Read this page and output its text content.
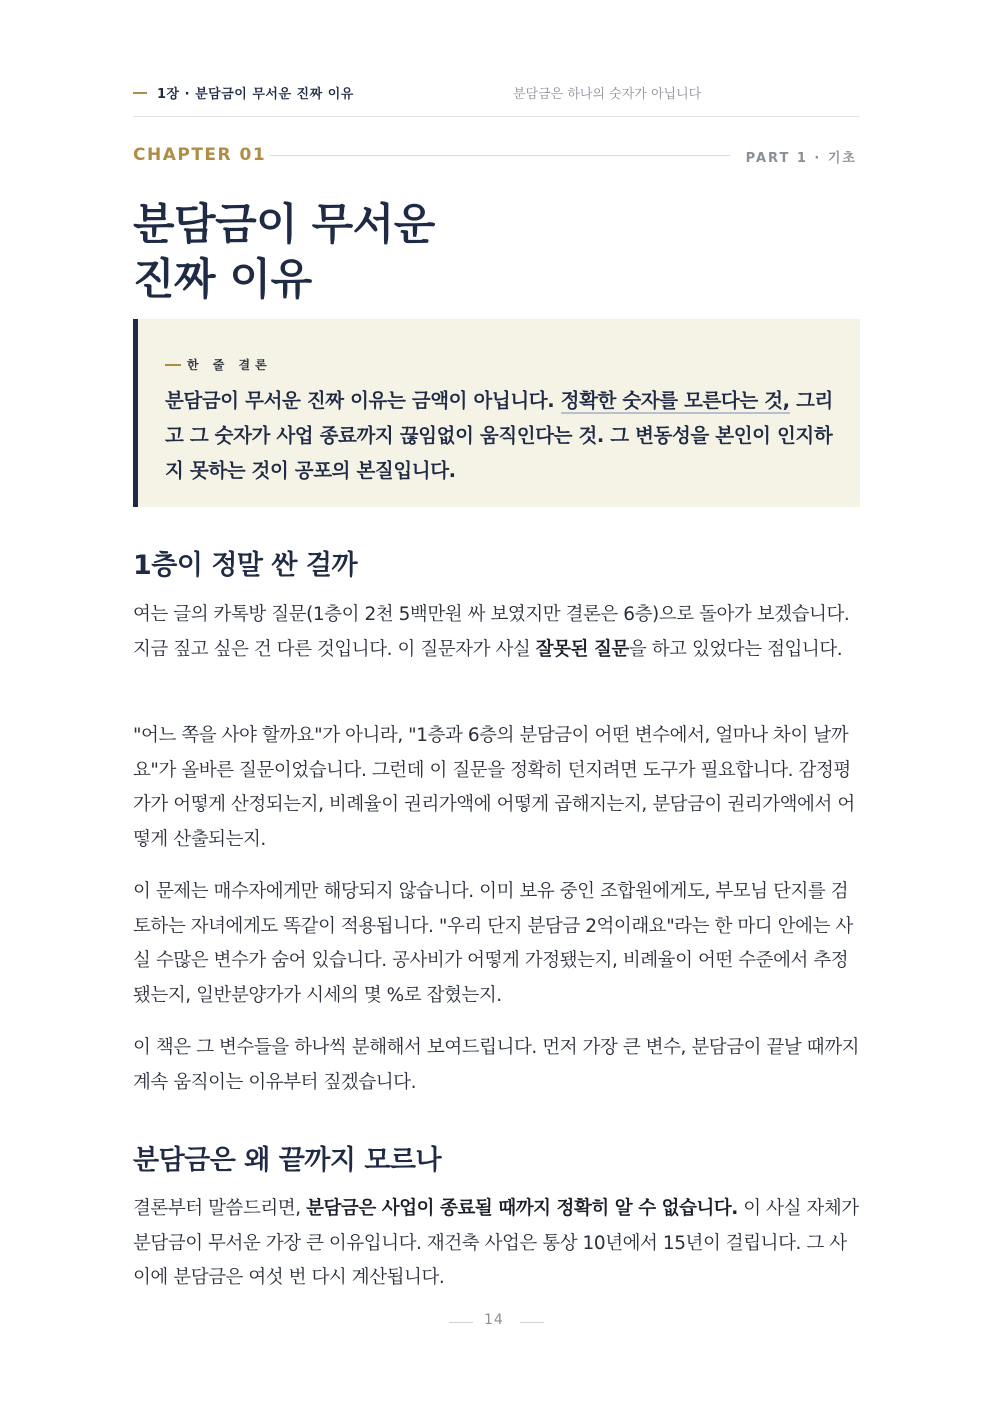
1장 · 분담금이 무서운 진짜 이유	분담금은 하나의 숫자가 아닙니다
CHAPTER 01	PART 1 · 기초
분담금이 무서운
진짜 이유
한 줄 결론

분담금이 무서운 진짜 이유는 금액이 아닙니다. 정확한 숫자를 모른다는 것, 그리고 그 숫자가 사업 종료까지 끊임없이 움직인다는 것. 그 변동성을 본인이 인지하지 못하는 것이 공포의 본질입니다.

1층이 정말 싼 걸까

여는 글의 카톡방 질문(1층이 2천 5백만원 싸 보였지만 결론은 6층)으로 돌아가 보겠습니다. 지금 짚고 싶은 건 다른 것입니다. 이 질문자가 사실 잘못된 질문을 하고 있었다는 점입니다.

"어느 쪽을 사야 할까요"가 아니라, "1층과 6층의 분담금이 어떤 변수에서, 얼마나 차이 날까요"가 올바른 질문이었습니다. 그런데 이 질문을 정확히 던지려면 도구가 필요합니다. 감정평가가 어떻게 산정되는지, 비례율이 권리가액에 어떻게 곱해지는지, 분담금이 권리가액에서 어떻게 산출되는지.

이 문제는 매수자에게만 해당되지 않습니다. 이미 보유 중인 조합원에게도, 부모님 단지를 검토하는 자녀에게도 똑같이 적용됩니다. "우리 단지 분담금 2억이래요"라는 한 마디 안에는 사실 수많은 변수가 숨어 있습니다. 공사비가 어떻게 가정됐는지, 비례율이 어떤 수준에서 추정됐는지, 일반분양가가 시세의 몇 %로 잡혔는지.

이 책은 그 변수들을 하나씩 분해해서 보여드립니다. 먼저 가장 큰 변수, 분담금이 끝날 때까지 계속 움직이는 이유부터 짚겠습니다.

분담금은 왜 끝까지 모르나

결론부터 말씀드리면, 분담금은 사업이 종료될 때까지 정확히 알 수 없습니다. 이 사실 자체가 분담금이 무서운 가장 큰 이유입니다. 재건축 사업은 통상 10년에서 15년이 걸립니다. 그 사이에 분담금은 여섯 번 다시 계산됩니다.

14
